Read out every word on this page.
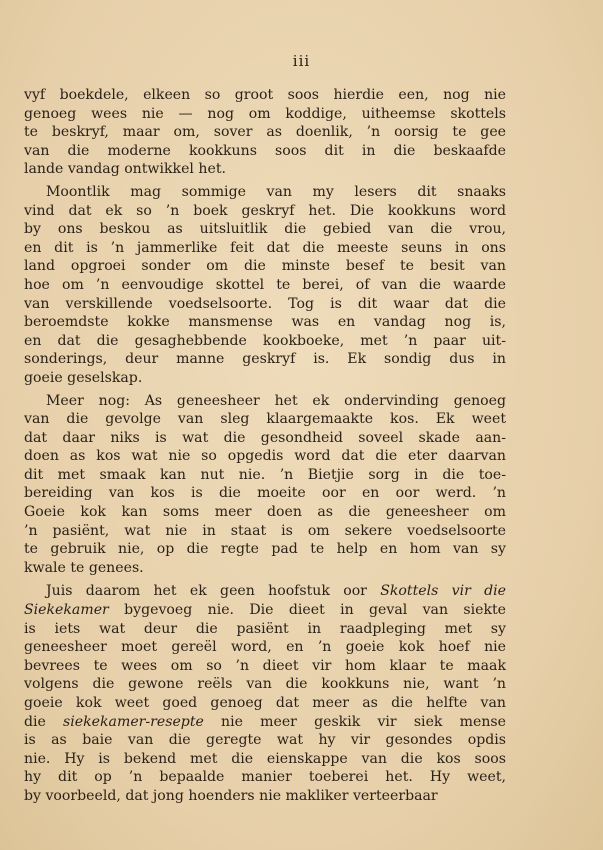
iii
vyf boekdele, elkeen so groot soos hierdie een, nog nie
genoeg wees nie — nog om koddige, uitheemse skottels
te beskryf, maar om, sover as doenlik, ’n oorsig te gee
van die moderne kookkuns soos dit in die beskaafde
lande vandag ontwikkel het.
Moontlik mag sommige van my lesers dit snaaks
vind dat ek so ’n boek geskryf het. Die kookkuns word
by ons beskou as uitsluitlik die gebied van die vrou,
en dit is ’n jammerlike feit dat die meeste seuns in ons
land opgroei sonder om die minste besef te besit van
hoe om ’n eenvoudige skottel te berei, of van die waarde
van verskillende voedselsoorte. Tog is dit waar dat die
beroemdste kokke mansmense was en vandag nog is,
en dat die gesaghebbende kookboeke, met ’n paar uit-
sonderings, deur manne geskryf is. Ek sondig dus in
goeie geselskap.
Meer nog: As geneesheer het ek ondervinding genoeg
van die gevolge van sleg klaargemaakte kos. Ek weet
dat daar niks is wat die gesondheid soveel skade aan-
doen as kos wat nie so opgedis word dat die eter daarvan
dit met smaak kan nut nie. ’n Bietjie sorg in die toe-
bereiding van kos is die moeite oor en oor werd. ’n
Goeie kok kan soms meer doen as die geneesheer om
’n pasiënt, wat nie in staat is om sekere voedselsoorte
te gebruik nie, op die regte pad te help en hom van sy
kwale te genees.
Juis daarom het ek geen hoofstuk oor Skottels vir die
Siekekamer bygevoeg nie. Die dieet in geval van siekte
is iets wat deur die pasiënt in raadpleging met sy
geneesheer moet gereël word, en ’n goeie kok hoef nie
bevrees te wees om so ’n dieet vir hom klaar te maak
volgens die gewone reëls van die kookkuns nie, want ’n
goeie kok weet goed genoeg dat meer as die helfte van
die siekekamer-resepte nie meer geskik vir siek mense
is as baie van die geregte wat hy vir gesondes opdis
nie. Hy is bekend met die eienskappe van die kos soos
hy dit op ’n bepaalde manier toeberei het. Hy weet,
by voorbeeld, dat jong hoenders nie makliker verteerbaar
